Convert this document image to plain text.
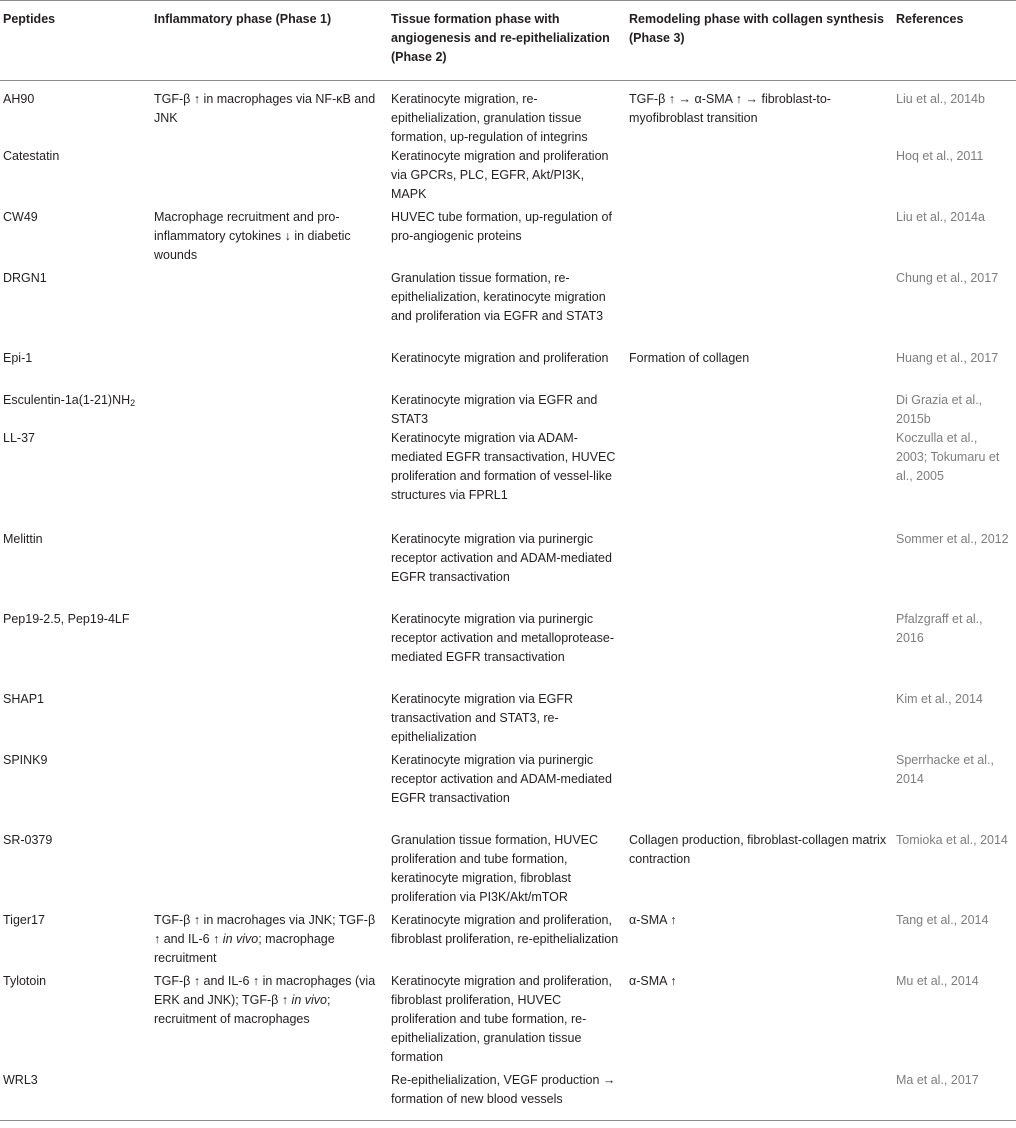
Peptides	Inflammatory phase (Phase 1)	Tissue formation phase with angiogenesis and re-epithelialization (Phase 2)	Remodeling phase with collagen synthesis (Phase 3)	References
AH90	TGF-β ↑ in macrophages via NF-κB and JNK	Keratinocyte migration, re-epithelialization, granulation tissue formation, up-regulation of integrins	TGF-β ↑ → α-SMA ↑ → fibroblast-to-myofibroblast transition	Liu et al., 2014b
Catestatin		Keratinocyte migration and proliferation via GPCRs, PLC, EGFR, Akt/PI3K, MAPK		Hoq et al., 2011
CW49	Macrophage recruitment and pro-inflammatory cytokines ↓ in diabetic wounds	HUVEC tube formation, up-regulation of pro-angiogenic proteins		Liu et al., 2014a
DRGN1		Granulation tissue formation, re-epithelialization, keratinocyte migration and proliferation via EGFR and STAT3		Chung et al., 2017
Epi-1		Keratinocyte migration and proliferation	Formation of collagen	Huang et al., 2017
Esculentin-$1a(1-21)NH_2$		Keratinocyte migration via EGFR and STAT3		Di Grazia et al., 2015b
LL-37		Keratinocyte migration via ADAM-mediated EGFR transactivation, HUVEC proliferation and formation of vessel-like structures via FPRL1		Koczulla et al., 2003; Tokumaru et al., 2005
Melittin		Keratinocyte migration via purinergic receptor activation and ADAM-mediated EGFR transactivation		Sommer et al., 2012
Pep19-2.5, Pep19-4LF		Keratinocyte migration via purinergic receptor activation and metalloprotease-mediated EGFR transactivation		Pfalzgraff et al., 2016
SHAP1		Keratinocyte migration via EGFR transactivation and STAT3, re-epithelialization		Kim et al., 2014
SPINK9		Keratinocyte migration via purinergic receptor activation and ADAM-mediated EGFR transactivation		Sperrhacke et al., 2014
SR-0379		Granulation tissue formation, HUVEC proliferation and tube formation, keratinocyte migration, fibroblast proliferation via PI3K/Akt/mTOR	Collagen production, fibroblast-collagen matrix contraction	Tomioka et al., 2014
Tiger17	TGF-β ↑ in macrohages via JNK; TGF-β ↑ and IL-6 ↑ in vivo; macrophage recruitment	Keratinocyte migration and proliferation, fibroblast proliferation, re-epithelialization	α-SMA ↑	Tang et al., 2014
Tylotoin	TGF-β ↑ and IL-6 ↑ in macrophages (via ERK and JNK); TGF-β ↑ in vivo; recruitment of macrophages	Keratinocyte migration and proliferation, fibroblast proliferation, HUVEC proliferation and tube formation, re-epithelialization, granulation tissue formation	α-SMA ↑	Mu et al., 2014
WRL3		Re-epithelialization, VEGF production → formation of new blood vessels		Ma et al., 2017
